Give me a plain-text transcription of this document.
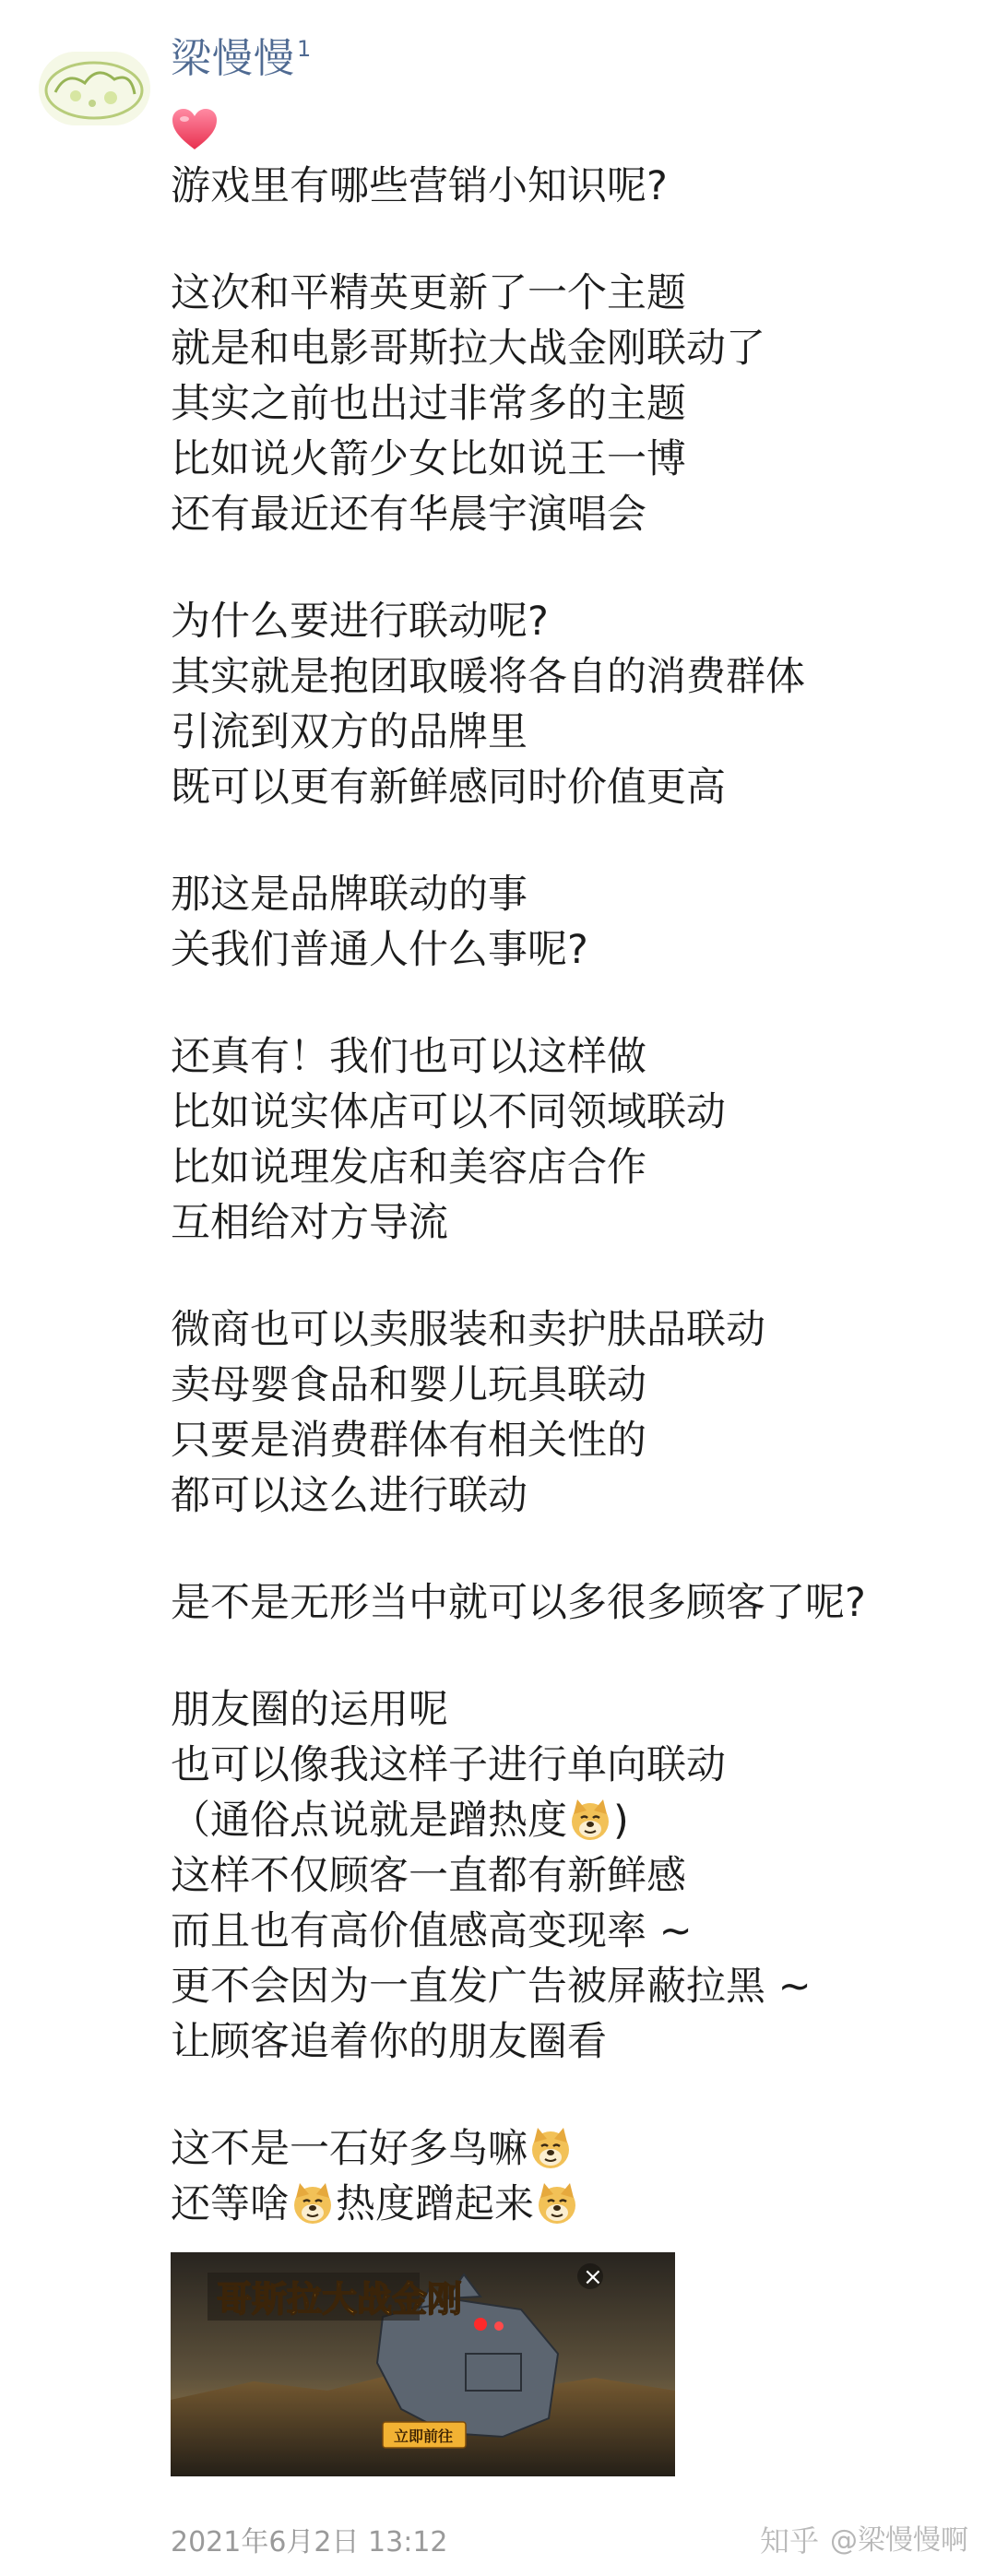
梁慢慢 1
游戏里有哪些营销小知识呢?
这次和平精英更新了一个主题
就是和电影哥斯拉大战金刚联动了
其实之前也出过非常多的主题
比如说火箭少女比如说王一博
还有最近还有华晨宇演唱会
为什么要进行联动呢?
其实就是抱团取暖将各自的消费群体
引流到双方的品牌里
既可以更有新鲜感同时价值更高
那这是品牌联动的事
关我们普通人什么事呢?
还真有！我们也可以这样做
比如说实体店可以不同领域联动
比如说理发店和美容店合作
互相给对方导流
微商也可以卖服装和卖护肤品联动
卖母婴食品和婴儿玩具联动
只要是消费群体有相关性的
都可以这么进行联动
是不是无形当中就可以多很多顾客了呢?
朋友圈的运用呢
也可以像我这样子进行单向联动
（通俗点说就是蹭热度 )
这样不仅顾客一直都有新鲜感
而且也有高价值感高变现率 ~
更不会因为一直发广告被屏蔽拉黑 ~
让顾客追着你的朋友圈看
这不是一石好多鸟嘛
还等啥 热度蹭起来
哥斯拉大战金刚
×
立即前往
2021年6月2日 13:12	知乎 @梁慢慢啊
